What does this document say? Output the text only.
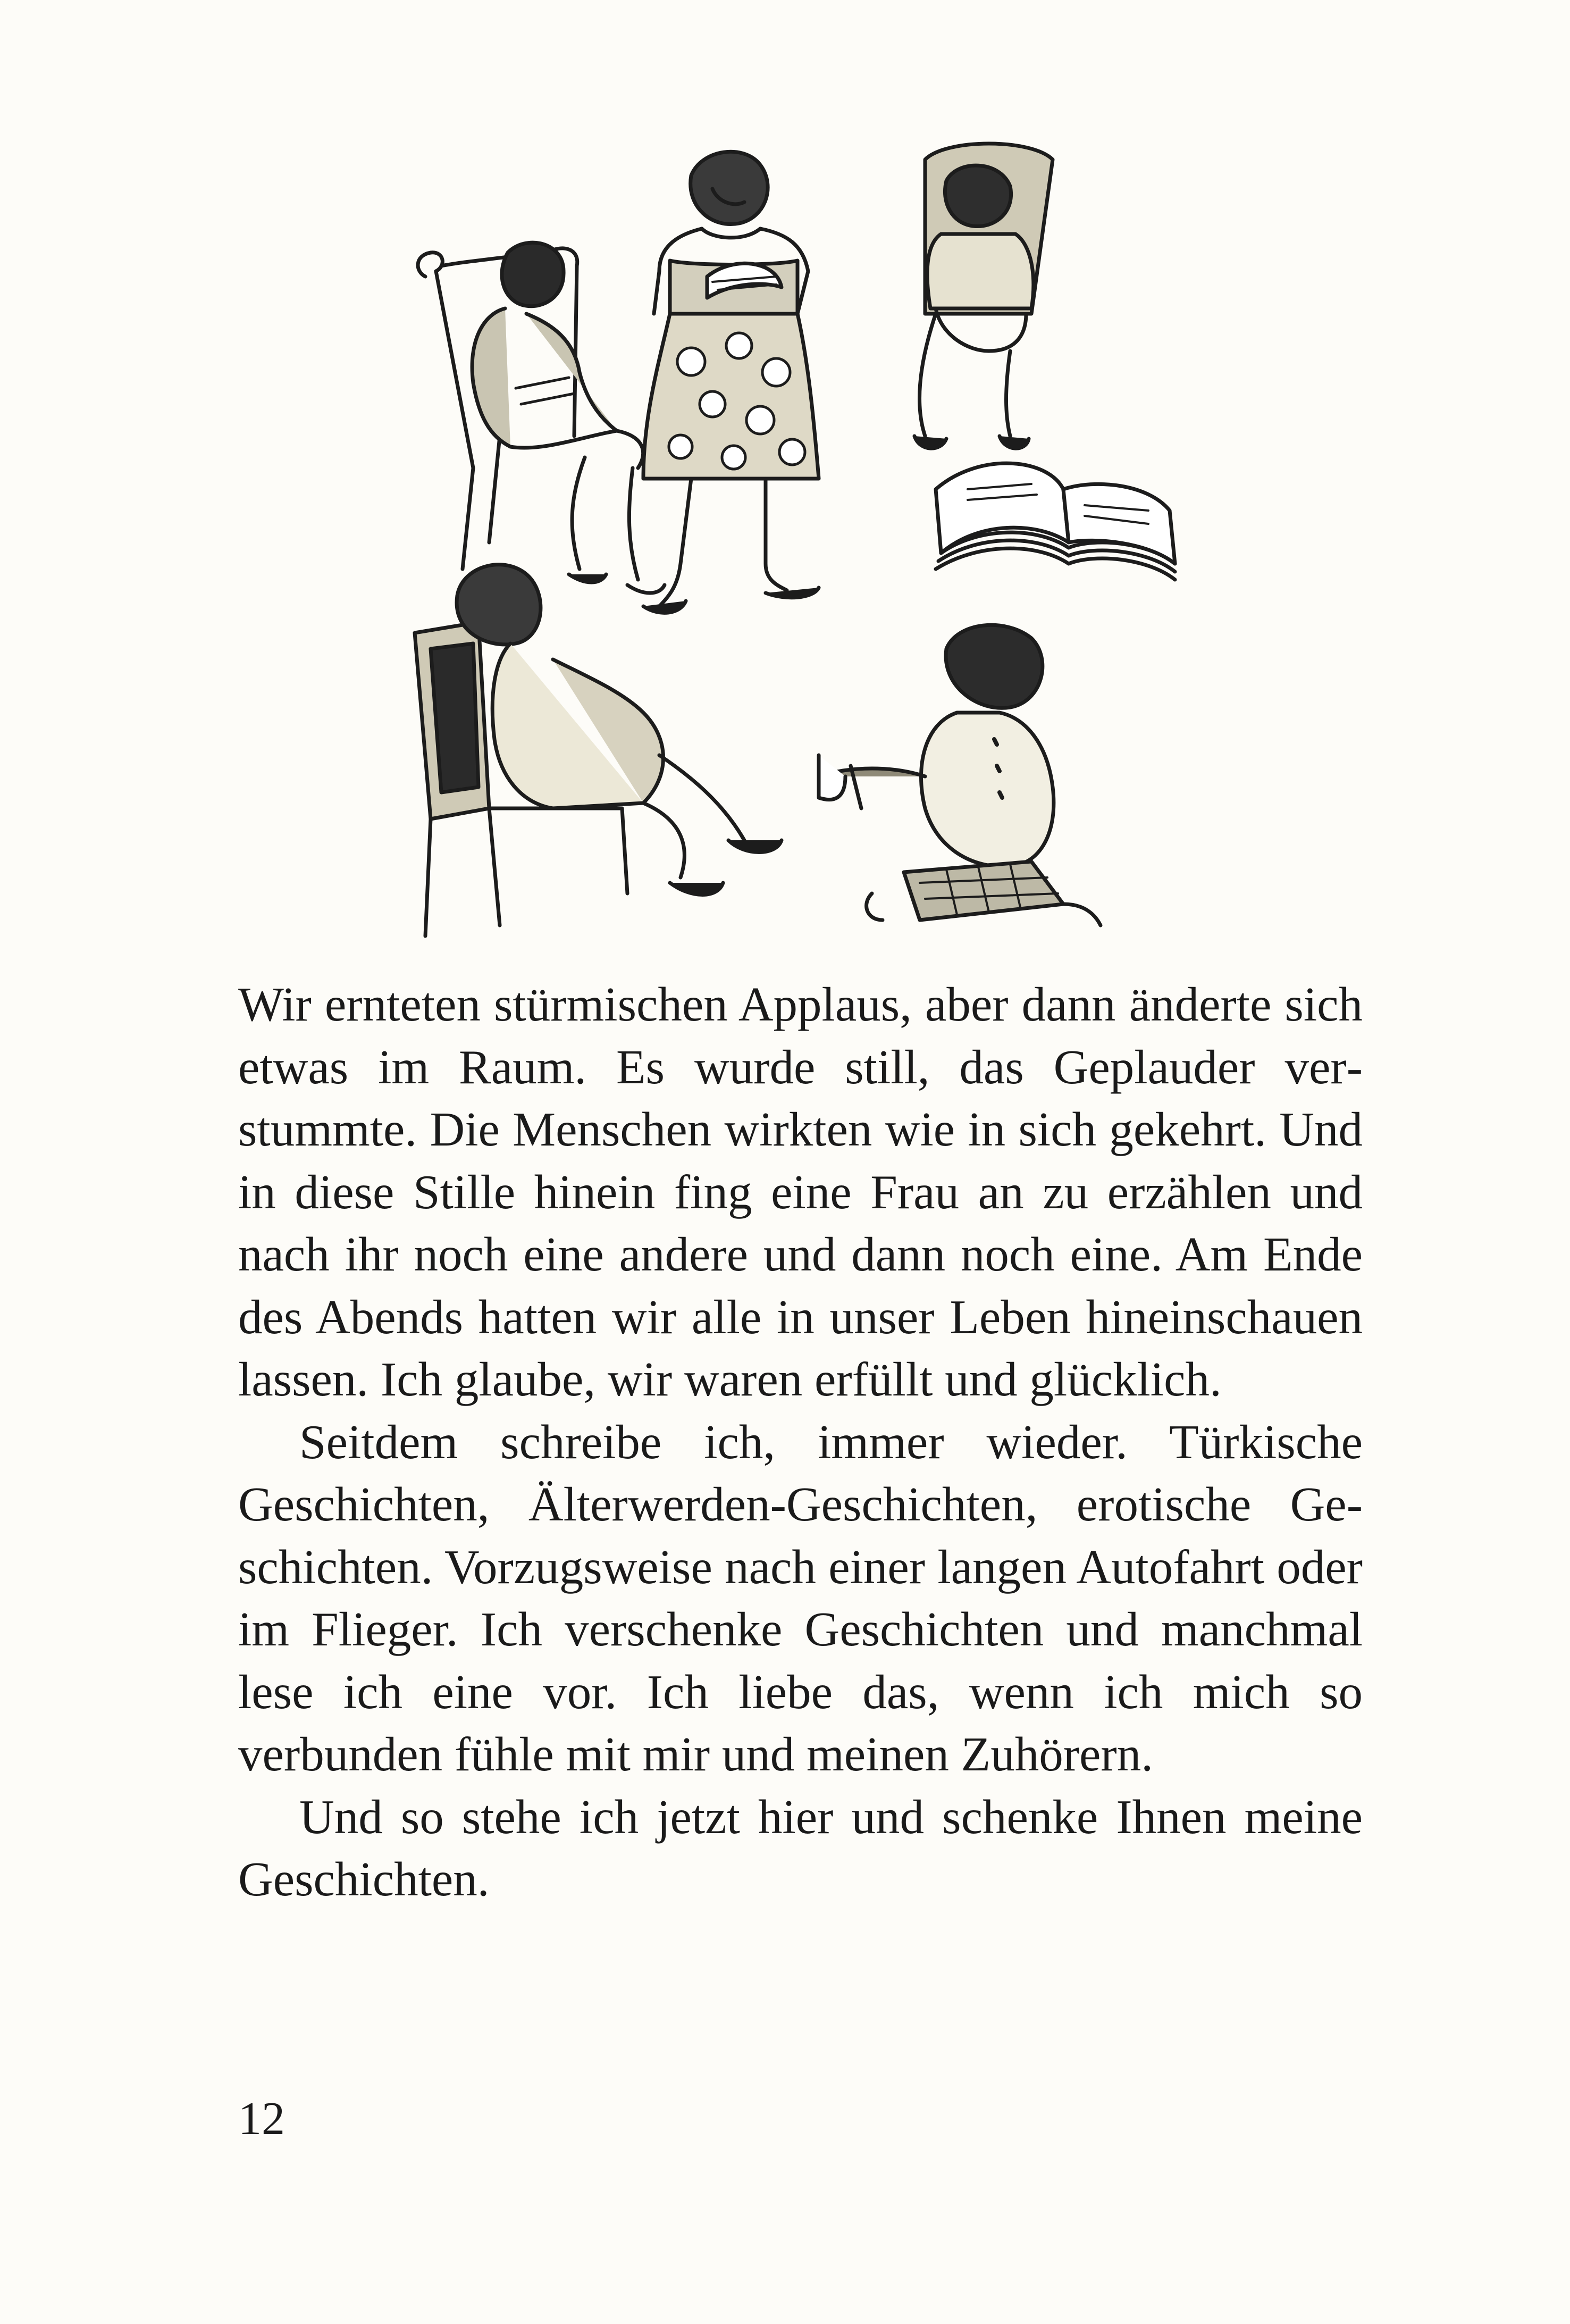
Wir ernteten stürmischen Applaus, aber dann änderte sich etwas im Raum. Es wurde still, das Geplauder verstummte. Die Menschen wirkten wie in sich gekehrt. Und in diese Stille hinein fing eine Frau an zu erzählen und nach ihr noch eine andere und dann noch eine. Am Ende des Abends hatten wir alle in unser Leben hineinschauen lassen. Ich glaube, wir waren erfüllt und glücklich.

Seitdem schreibe ich, immer wieder. Türkische Geschichten, Älterwerden-Geschichten, erotische Geschichten. Vorzugsweise nach einer langen Autofahrt oder im Flieger. Ich verschenke Geschichten und manchmal lese ich eine vor. Ich liebe das, wenn ich mich so verbunden fühle mit mir und meinen Zuhörern.

Und so stehe ich jetzt hier und schenke Ihnen meine Geschichten.

12
